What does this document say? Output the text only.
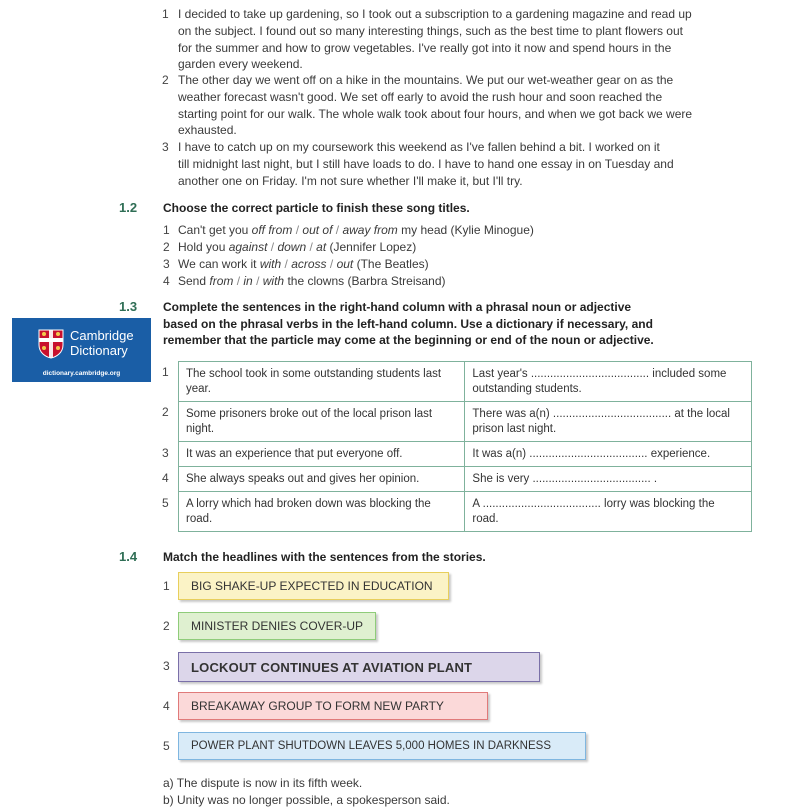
1 I decided to take up gardening, so I took out a subscription to a gardening magazine and read up
on the subject. I found out so many interesting things, such as the best time to plant flowers out
for the summer and how to grow vegetables. I've really got into it now and spend hours in the
garden every weekend.
2 The other day we went off on a hike in the mountains. We put our wet-weather gear on as the
weather forecast wasn't good. We set off early to avoid the rush hour and soon reached the
starting point for our walk. The whole walk took about four hours, and when we got back we were
exhausted.
3 I have to catch up on my coursework this weekend as I've fallen behind a bit. I worked on it
till midnight last night, but I still have loads to do. I have to hand one essay in on Tuesday and
another one on Friday. I'm not sure whether I'll make it, but I'll try.
1.2 Choose the correct particle to finish these song titles.
1 Can't get you off from / out of / away from my head (Kylie Minogue)
2 Hold you against / down / at (Jennifer Lopez)
3 We can work it with / across / out (The Beatles)
4 Send from / in / with the clowns (Barbra Streisand)
1.3 Complete the sentences in the right-hand column with a phrasal noun or adjective
based on the phrasal verbs in the left-hand column. Use a dictionary if necessary, and
remember that the particle may come at the beginning or end of the noun or adjective.
Cambridge
Dictionary
dictionary.cambridge.org	1
2
3
4
5
The school took in some outstanding students last year.	Last year's ..................................... included some outstanding students.
Some prisoners broke out of the local prison last night.	There was a(n) ..................................... at the local prison last night.
It was an experience that put everyone off.	It was a(n) ..................................... experience.
She always speaks out and gives her opinion.	She is very ..................................... .
A lorry which had broken down was blocking the road.	A ..................................... lorry was blocking the road.
1.4 Match the headlines with the sentences from the stories.
1	BIG SHAKE-UP EXPECTED IN EDUCATION
2	MINISTER DENIES COVER-UP
3	LOCKOUT CONTINUES AT AVIATION PLANT
4	BREAKAWAY GROUP TO FORM NEW PARTY
5	POWER PLANT SHUTDOWN LEAVES 5,000 HOMES IN DARKNESS
a) The dispute is now in its fifth week.
b) Unity was no longer possible, a spokesperson said.
